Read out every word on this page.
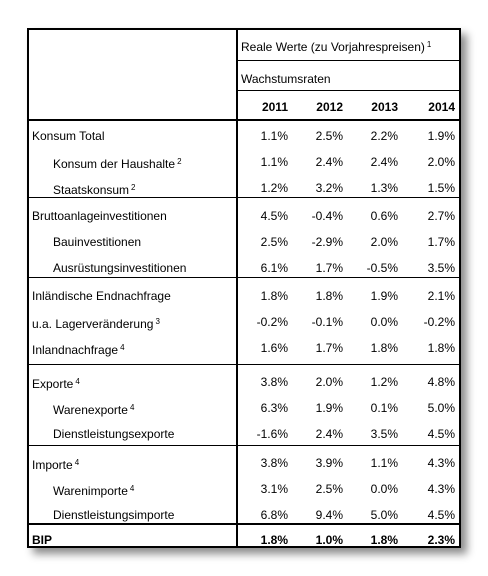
Reale Werte (zu Vorjahrespreisen) $^1$
Wachstumsraten
2011	2012	2013	2014
Konsum Total	1.1%	2.5%	2.2%	1.9%
Konsum der Haushalte $^2$	1.1%	2.4%	2.4%	2.0%
Staatskonsum $^2$	1.2%	3.2%	1.3%	1.5%
Bruttoanlageinvestitionen	4.5%	-0.4%	0.6%	2.7%
Bauinvestitionen	2.5%	-2.9%	2.0%	1.7%
Ausrüstungsinvestitionen	6.1%	1.7%	-0.5%	3.5%
Inländische Endnachfrage	1.8%	1.8%	1.9%	2.1%
u.a. Lagerveränderung $^3$	-0.2%	-0.1%	0.0%	-0.2%
Inlandnachfrage $^4$	1.6%	1.7%	1.8%	1.8%
Exporte $^4$	3.8%	2.0%	1.2%	4.8%
Warenexporte $^4$	6.3%	1.9%	0.1%	5.0%
Dienstleistungsexporte	-1.6%	2.4%	3.5%	4.5%
Importe $^4$	3.8%	3.9%	1.1%	4.3%
Warenimporte $^4$	3.1%	2.5%	0.0%	4.3%
Dienstleistungsimporte	6.8%	9.4%	5.0%	4.5%
BIP	1.8%	1.0%	1.8%	2.3%
